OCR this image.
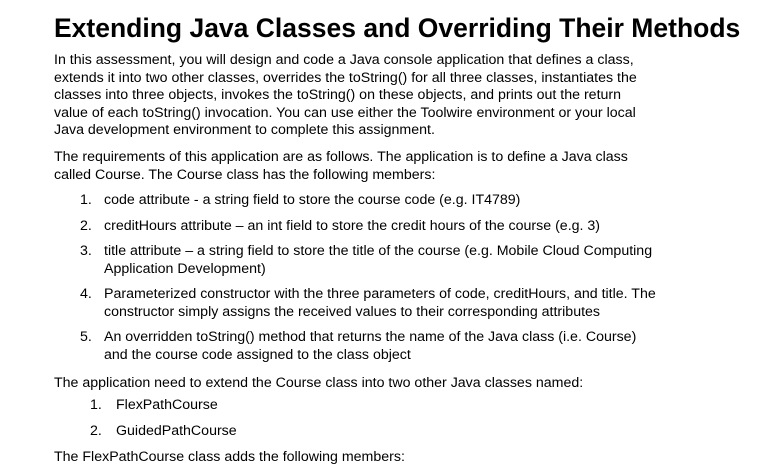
Extending Java Classes and Overriding Their Methods

In this assessment, you will design and code a Java console application that defines a class,
extends it into two other classes, overrides the toString() for all three classes, instantiates the
classes into three objects, invokes the toString() on these objects, and prints out the return
value of each toString() invocation. You can use either the Toolwire environment or your local
Java development environment to complete this assignment.

The requirements of this application are as follows. The application is to define a Java class
called Course. The Course class has the following members:

1. code attribute - a string field to store the course code (e.g. IT4789)
2. creditHours attribute – an int field to store the credit hours of the course (e.g. 3)
3. title attribute – a string field to store the title of the course (e.g. Mobile Cloud Computing
Application Development)
4. Parameterized constructor with the three parameters of code, creditHours, and title. The
constructor simply assigns the received values to their corresponding attributes
5. An overridden toString() method that returns the name of the Java class (i.e. Course)
and the course code assigned to the class object

The application need to extend the Course class into two other Java classes named:

1. FlexPathCourse
2. GuidedPathCourse

The FlexPathCourse class adds the following members:
